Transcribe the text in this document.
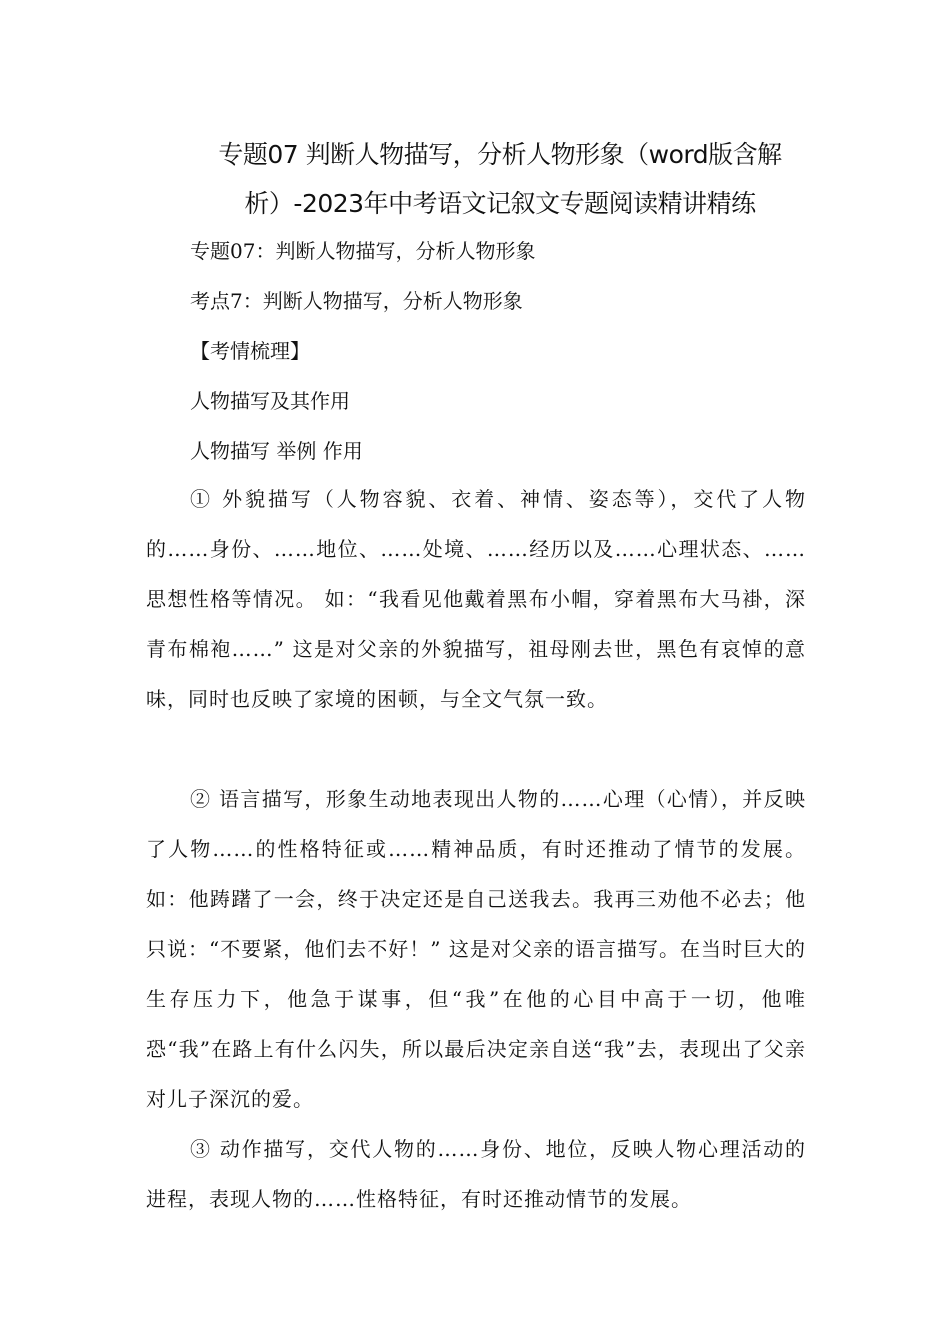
专题07 判断人物描写，分析人物形象（word版含解析）-2023年中考语文记叙文专题阅读精讲精练

专题07：判断人物描写，分析人物形象

考点7：判断人物描写，分析人物形象

【考情梳理】

人物描写及其作用

人物描写 举例 作用

① 外貌描写（人物容貌、衣着、神情、姿态等），交代了人物的……身份、……地位、……处境、……经历以及……心理状态、……思想性格等情况。 如：“我看见他戴着黑布小帽，穿着黑布大马褂，深青布棉袍……” 这是对父亲的外貌描写，祖母刚去世，黑色有哀悼的意味，同时也反映了家境的困顿，与全文气氛一致。

② 语言描写，形象生动地表现出人物的……心理（心情），并反映了人物……的性格特征或……精神品质，有时还推动了情节的发展。 如：他踌躇了一会，终于决定还是自己送我去。我再三劝他不必去；他只说：“不要紧，他们去不好！” 这是对父亲的语言描写。在当时巨大的生存压力下，他急于谋事，但“我”在他的心目中高于一切，他唯恐“我”在路上有什么闪失，所以最后决定亲自送“我”去，表现出了父亲对儿子深沉的爱。

③ 动作描写，交代人物的……身份、地位，反映人物心理活动的进程，表现人物的……性格特征，有时还推动情节的发展。
